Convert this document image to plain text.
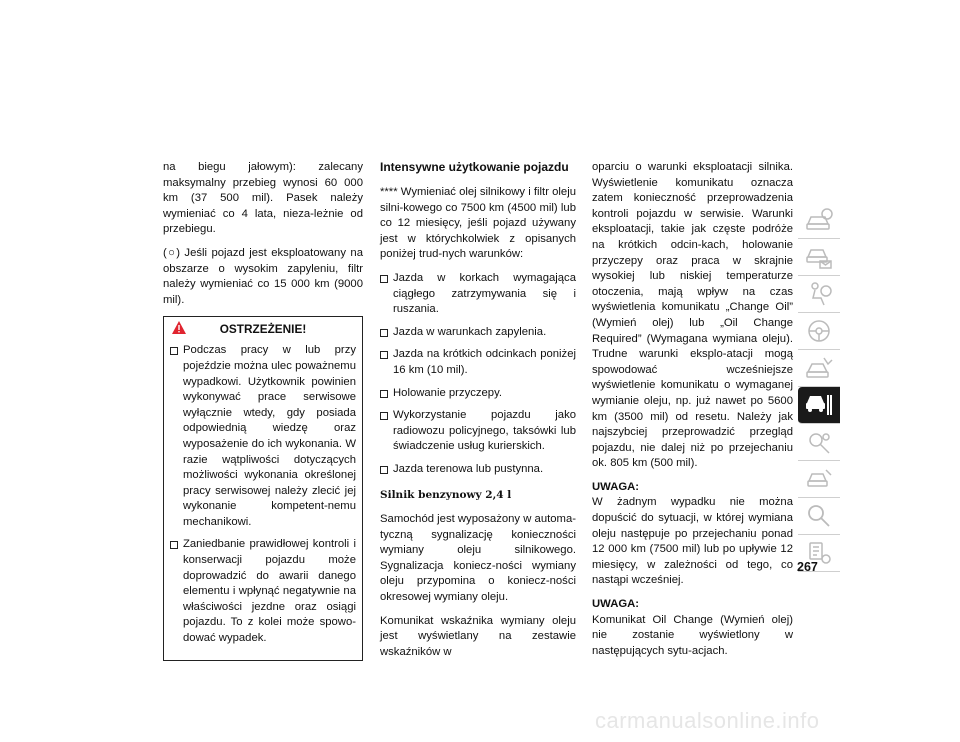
na biegu jałowym): zalecany maksymalny przebieg wynosi 60 000 km (37 500 mil). Pasek należy wymieniać co 4 lata, nieza-leżnie od przebiegu.

(○) Jeśli pojazd jest eksploatowany na obszarze o wysokim zapyleniu, filtr należy wymieniać co 15 000 km (9000 mil).

OSTRZEŻENIE!
Podczas pracy w lub przy pojeździe można ulec poważnemu wypadkowi. Użytkownik powinien wykonywać prace serwisowe wyłącznie wtedy, gdy posiada odpowiednią wiedzę oraz wyposażenie do ich wykonania. W razie wątpliwości dotyczących możliwości wykonania określonej pracy serwisowej należy zlecić jej wykonanie kompetent-nemu mechanikowi.
Zaniedbanie prawidłowej kontroli i konserwacji pojazdu może doprowadzić do awarii danego elementu i wpłynąć negatywnie na właściwości jezdne oraz osiągi pojazdu. To z kolei może spowo-dować wypadek.
Intensywne użytkowanie pojazdu

**** Wymieniać olej silnikowy i filtr oleju silni-kowego co 7500 km (4500 mil) lub co 12 miesięcy, jeśli pojazd używany jest w którychkolwiek z opisanych poniżej trud-nych warunków:

Jazda w korkach wymagająca ciągłego zatrzymywania się i ruszania.
Jazda w warunkach zapylenia.
Jazda na krótkich odcinkach poniżej 16 km (10 mil).
Holowanie przyczepy.
Wykorzystanie pojazdu jako radiowozu policyjnego, taksówki lub świadczenie usług kurierskich.
Jazda terenowa lub pustynna.
Silnik benzynowy 2,4 l

Samochód jest wyposażony w automa-tyczną sygnalizację konieczności wymiany oleju silnikowego. Sygnalizacja koniecz-ności wymiany oleju przypomina o koniecz-ności okresowej wymiany oleju.

Komunikat wskaźnika wymiany oleju jest wyświetlany na zestawie wskaźników w

oparciu o warunki eksploatacji silnika. Wyświetlenie komunikatu oznacza zatem konieczność przeprowadzenia kontroli pojazdu w serwisie. Warunki eksploatacji, takie jak częste podróże na krótkich odcin-kach, holowanie przyczepy oraz praca w skrajnie wysokiej lub niskiej temperaturze otoczenia, mają wpływ na czas wyświetlenia komunikatu „Change Oil” (Wymień olej) lub „Oil Change Required” (Wymagana wymiana oleju). Trudne warunki eksplo-atacji mogą spowodować wcześniejsze wyświetlenie komunikatu o wymaganej wymianie oleju, np. już nawet po 5600 km (3500 mil) od resetu. Należy jak najszybciej przeprowadzić przegląd pojazdu, nie dalej niż po przejechaniu ok. 805 km (500 mil).

UWAGA:
W żadnym wypadku nie można dopuścić do sytuacji, w której wymiana oleju następuje po przejechaniu ponad 12 000 km (7500 mil) lub po upływie 12 miesięcy, w zależności od tego, co nastąpi wcześniej.

UWAGA:
Komunikat Oil Change (Wymień olej) nie zostanie wyświetlony w następujących sytu-acjach.

267
carmanualsonline.info
